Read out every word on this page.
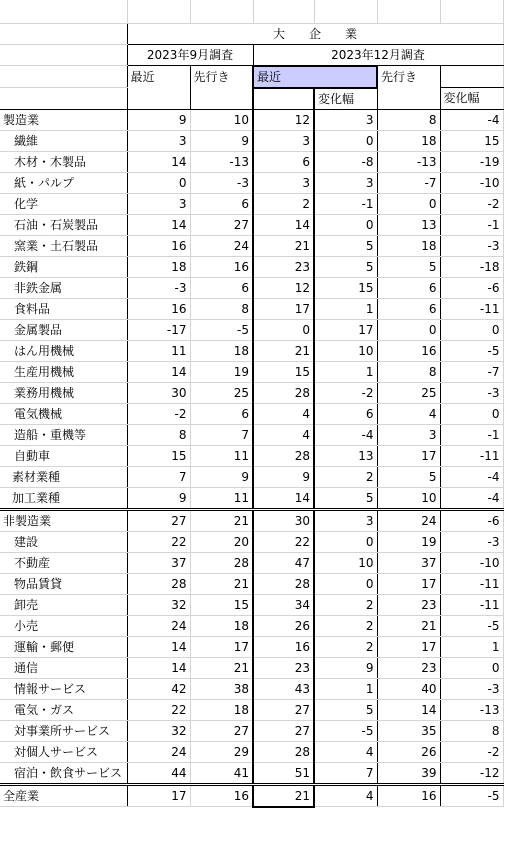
	大　　企　　業					
	2023年9月調査		2023年12月調査			
	最近	先行き	最近		先行き	
				変化幅		変化幅
製造業	9	10	12	3	8	-4
繊維	3	9	3	0	18	15
木材・木製品	14	-13	6	-8	-13	-19
紙・パルプ	0	-3	3	3	-7	-10
化学	3	6	2	-1	0	-2
石油・石炭製品	14	27	14	0	13	-1
窯業・土石製品	16	24	21	5	18	-3
鉄鋼	18	16	23	5	5	-18
非鉄金属	-3	6	12	15	6	-6
食料品	16	8	17	1	6	-11
金属製品	-17	-5	0	17	0	0
はん用機械	11	18	21	10	16	-5
生産用機械	14	19	15	1	8	-7
業務用機械	30	25	28	-2	25	-3
電気機械	-2	6	4	6	4	0
造船・重機等	8	7	4	-4	3	-1
自動車	15	11	28	13	17	-11
素材業種	7	9	9	2	5	-4
加工業種	9	11	14	5	10	-4
非製造業	27	21	30	3	24	-6
建設	22	20	22	0	19	-3
不動産	37	28	47	10	37	-10
物品賃貸	28	21	28	0	17	-11
卸売	32	15	34	2	23	-11
小売	24	18	26	2	21	-5
運輸・郵便	14	17	16	2	17	1
通信	14	21	23	9	23	0
情報サービス	42	38	43	1	40	-3
電気・ガス	22	18	27	5	14	-13
対事業所サービス	32	27	27	-5	35	8
対個人サービス	24	29	28	4	26	-2
宿泊・飲食サービス	44	41	51	7	39	-12
全産業	17	16	21	4	16	-5
